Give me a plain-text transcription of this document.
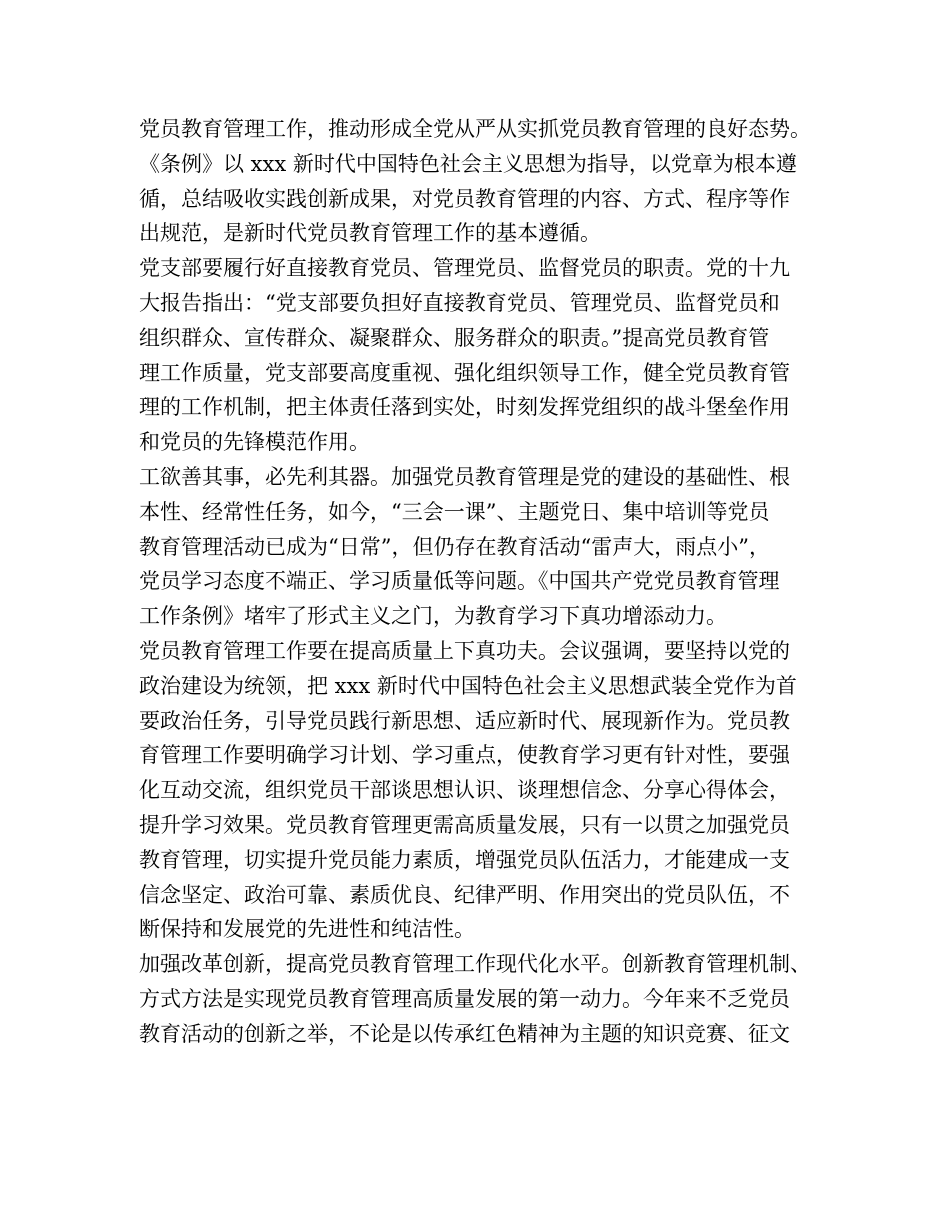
党员教育管理工作，推动形成全党从严从实抓党员教育管理的良好态势。
《条例》以 xxx 新时代中国特色社会主义思想为指导，以党章为根本遵
循，总结吸收实践创新成果，对党员教育管理的内容、方式、程序等作
出规范，是新时代党员教育管理工作的基本遵循。
党支部要履行好直接教育党员、管理党员、监督党员的职责。党的十九
大报告指出：“党支部要负担好直接教育党员、管理党员、监督党员和
组织群众、宣传群众、凝聚群众、服务群众的职责。”提高党员教育管
理工作质量，党支部要高度重视、强化组织领导工作，健全党员教育管
理的工作机制，把主体责任落到实处，时刻发挥党组织的战斗堡垒作用
和党员的先锋模范作用。
工欲善其事，必先利其器。加强党员教育管理是党的建设的基础性、根
本性、经常性任务，如今，“三会一课”、主题党日、集中培训等党员
教育管理活动已成为“日常”，但仍存在教育活动“雷声大，雨点小”，
党员学习态度不端正、学习质量低等问题。《中国共产党党员教育管理
工作条例》堵牢了形式主义之门，为教育学习下真功增添动力。
党员教育管理工作要在提高质量上下真功夫。会议强调，要坚持以党的
政治建设为统领，把 xxx 新时代中国特色社会主义思想武装全党作为首
要政治任务，引导党员践行新思想、适应新时代、展现新作为。党员教
育管理工作要明确学习计划、学习重点，使教育学习更有针对性，要强
化互动交流，组织党员干部谈思想认识、谈理想信念、分享心得体会，
提升学习效果。党员教育管理更需高质量发展，只有一以贯之加强党员
教育管理，切实提升党员能力素质，增强党员队伍活力，才能建成一支
信念坚定、政治可靠、素质优良、纪律严明、作用突出的党员队伍，不
断保持和发展党的先进性和纯洁性。
加强改革创新，提高党员教育管理工作现代化水平。创新教育管理机制、
方式方法是实现党员教育管理高质量发展的第一动力。今年来不乏党员
教育活动的创新之举，不论是以传承红色精神为主题的知识竞赛、征文
